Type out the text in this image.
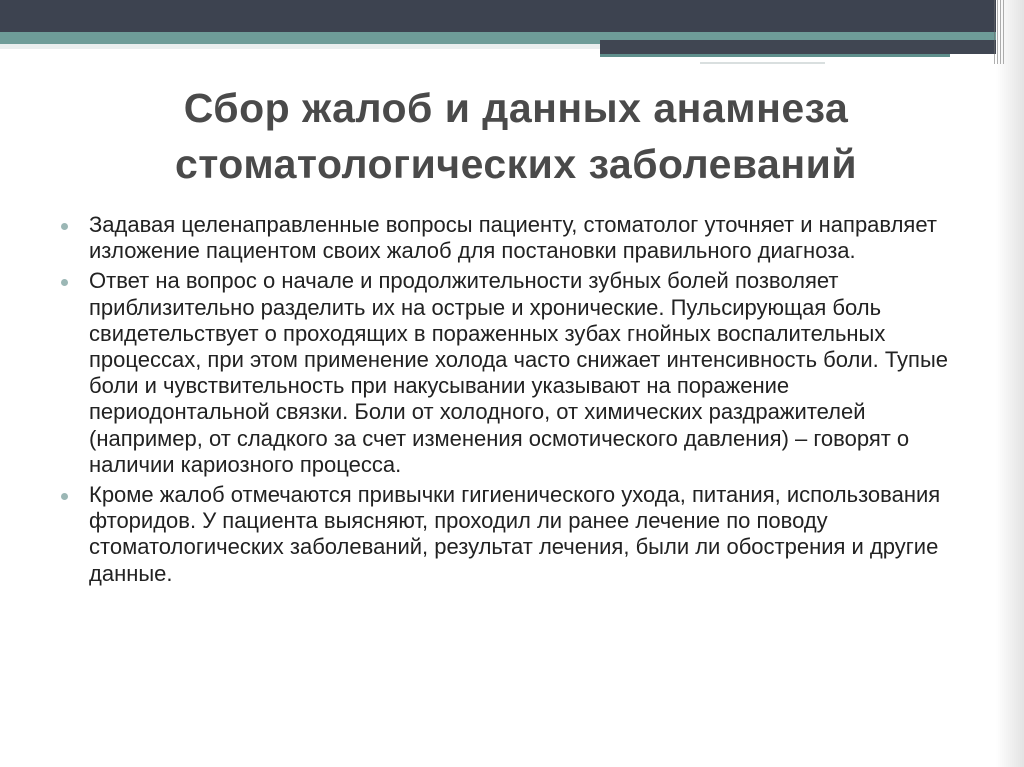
Сбор жалоб и данных анамнеза стоматологических заболеваний
Задавая целенаправленные вопросы пациенту, стоматолог уточняет и направляет изложение пациентом своих жалоб для постановки правильного диагноза.
Ответ на вопрос о начале и продолжительности зубных болей позволяет приблизительно разделить их на острые и хронические. Пульсирующая боль свидетельствует о проходящих в пораженных зубах гнойных воспалительных процессах, при этом применение холода часто снижает интенсивность боли. Тупые боли и чувствительность при накусывании указывают на поражение периодонтальной связки. Боли от холодного, от химических раздражителей (например, от сладкого за счет изменения осмотического давления) – говорят о наличии кариозного процесса.
Кроме жалоб отмечаются привычки гигиенического ухода, питания, использования фторидов. У пациента выясняют, проходил ли ранее лечение по поводу стоматологических заболеваний, результат лечения, были ли обострения и другие данные.
